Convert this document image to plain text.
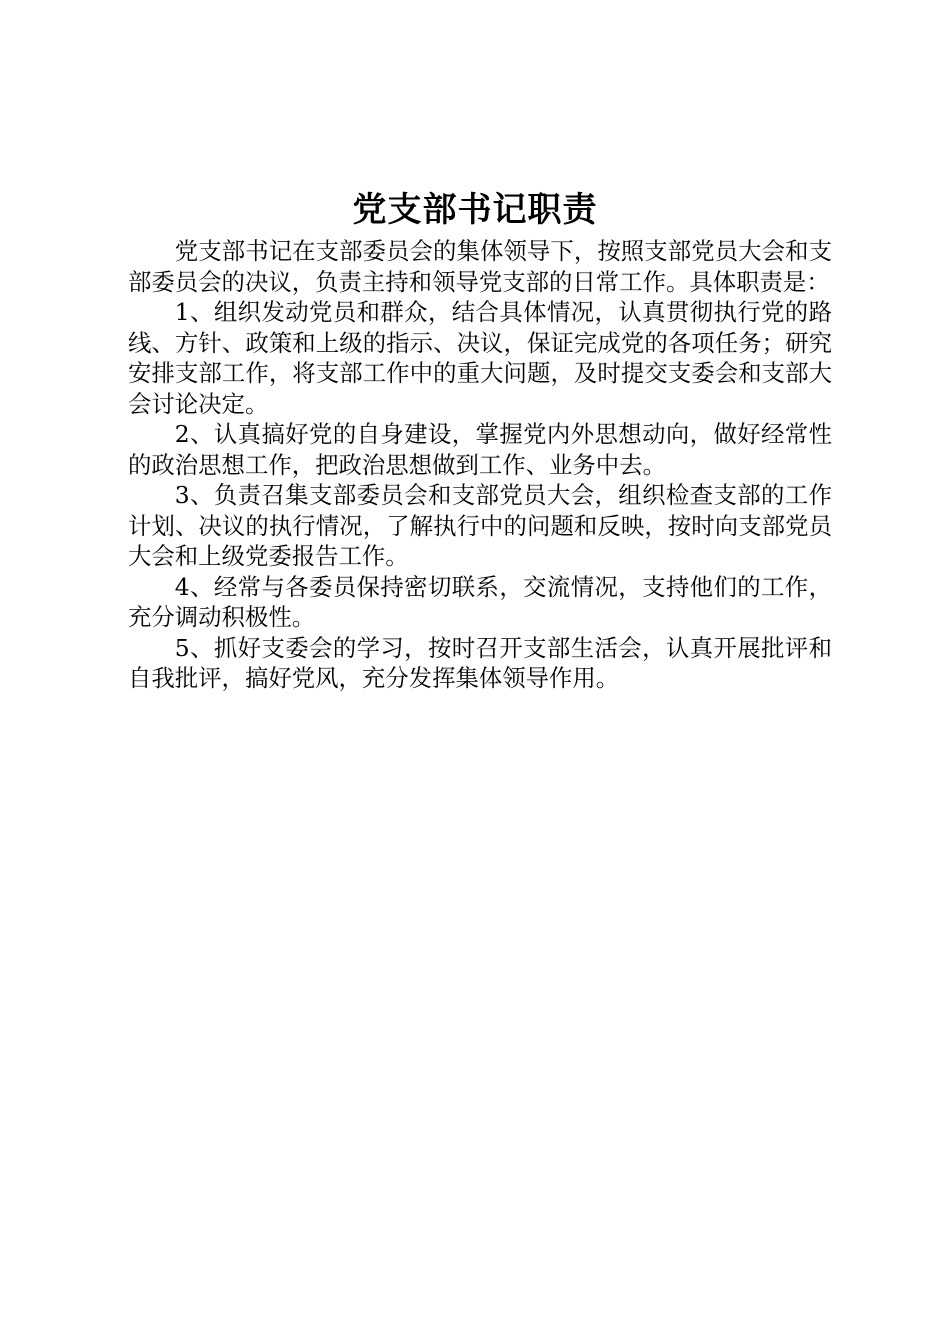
党支部书记职责

党支部书记在支部委员会的集体领导下，按照支部党员大会和支部委员会的决议，负责主持和领导党支部的日常工作。具体职责是：

1、组织发动党员和群众，结合具体情况，认真贯彻执行党的路线、方针、政策和上级的指示、决议，保证完成党的各项任务；研究安排支部工作，将支部工作中的重大问题，及时提交支委会和支部大会讨论决定。

2、认真搞好党的自身建设，掌握党内外思想动向，做好经常性的政治思想工作，把政治思想做到工作、业务中去。

3、负责召集支部委员会和支部党员大会，组织检查支部的工作计划、决议的执行情况，了解执行中的问题和反映，按时向支部党员大会和上级党委报告工作。

4、经常与各委员保持密切联系，交流情况，支持他们的工作，充分调动积极性。

5、抓好支委会的学习，按时召开支部生活会，认真开展批评和自我批评，搞好党风，充分发挥集体领导作用。
